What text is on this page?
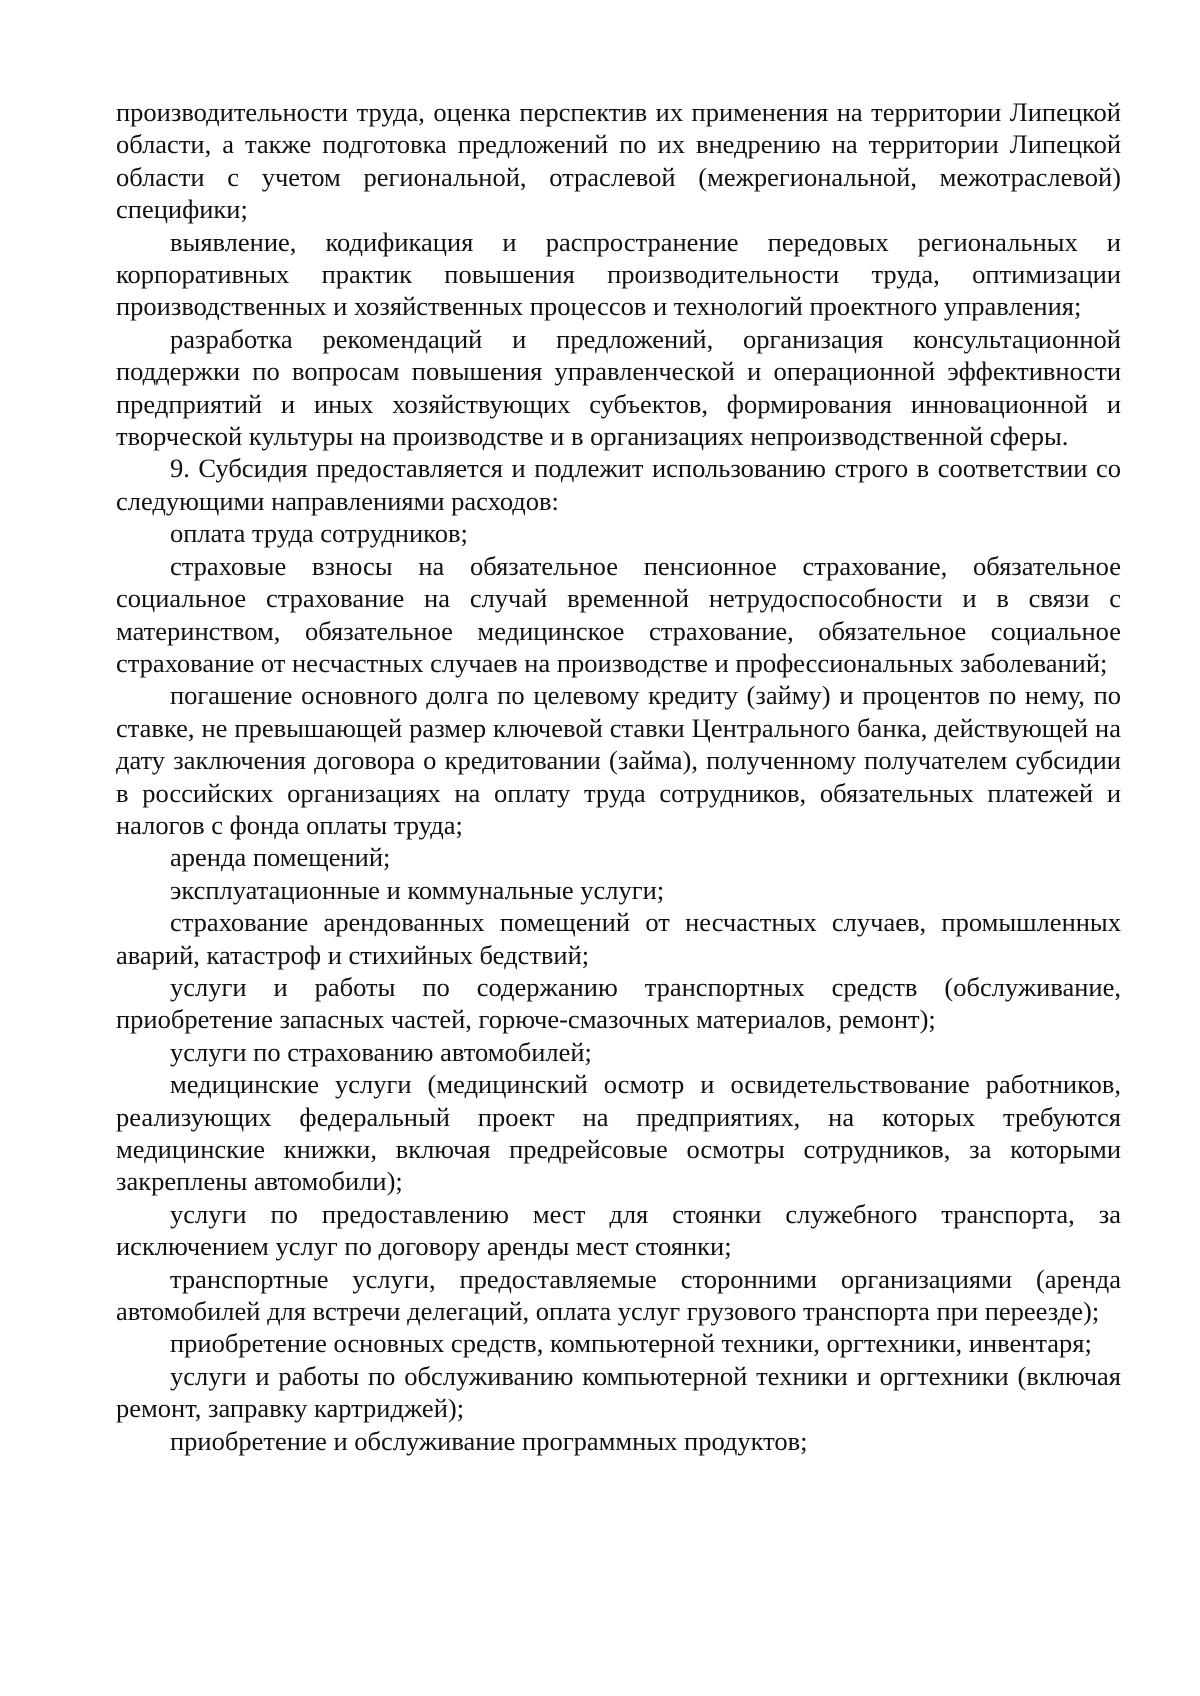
производительности труда, оценка перспектив их применения на территории Липецкой области, а также подготовка предложений по их внедрению на территории Липецкой области с учетом региональной, отраслевой (межрегиональной, межотраслевой) специфики;

выявление, кодификация и распространение передовых региональных и корпоративных практик повышения производительности труда, оптимизации производственных и хозяйственных процессов и технологий проектного управления;

разработка рекомендаций и предложений, организация консультационной поддержки по вопросам повышения управленческой и операционной эффективности предприятий и иных хозяйствующих субъектов, формирования инновационной и творческой культуры на производстве и в организациях непроизводственной сферы.

9. Субсидия предоставляется и подлежит использованию строго в соответствии со следующими направлениями расходов:

оплата труда сотрудников;

страховые взносы на обязательное пенсионное страхование, обязательное социальное страхование на случай временной нетрудоспособности и в связи с материнством, обязательное медицинское страхование, обязательное социальное страхование от несчастных случаев на производстве и профессиональных заболеваний;

погашение основного долга по целевому кредиту (займу) и процентов по нему, по ставке, не превышающей размер ключевой ставки Центрального банка, действующей на дату заключения договора о кредитовании (займа), полученному получателем субсидии в российских организациях на оплату труда сотрудников, обязательных платежей и налогов с фонда оплаты труда;

аренда помещений;

эксплуатационные и коммунальные услуги;

страхование арендованных помещений от несчастных случаев, промышленных аварий, катастроф и стихийных бедствий;

услуги и работы по содержанию транспортных средств (обслуживание, приобретение запасных частей, горюче-смазочных материалов, ремонт);

услуги по страхованию автомобилей;

медицинские услуги (медицинский осмотр и освидетельствование работников, реализующих федеральный проект на предприятиях, на которых требуются медицинские книжки, включая предрейсовые осмотры сотрудников, за которыми закреплены автомобили);

услуги по предоставлению мест для стоянки служебного транспорта, за исключением услуг по договору аренды мест стоянки;

транспортные услуги, предоставляемые сторонними организациями (аренда автомобилей для встречи делегаций, оплата услуг грузового транспорта при переезде);

приобретение основных средств, компьютерной техники, оргтехники, инвентаря;

услуги и работы по обслуживанию компьютерной техники и оргтехники (включая ремонт, заправку картриджей);

приобретение и обслуживание программных продуктов;
